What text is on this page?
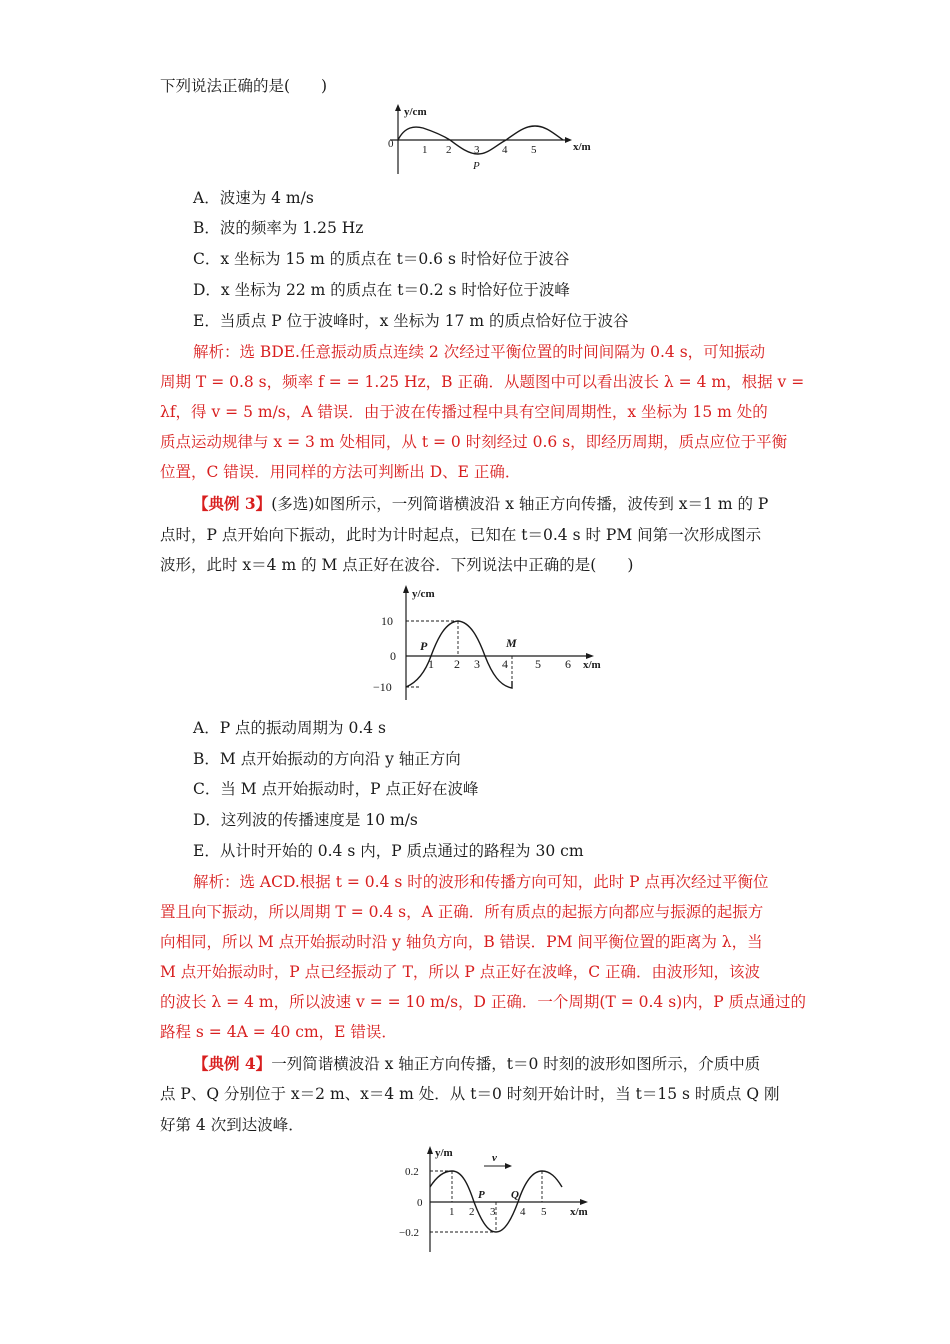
下列说法正确的是(　　)
y/cm
0	1 2 3 4 5	x/m
P
A．波速为 4 m/s
B．波的频率为 1.25 Hz
C．x 坐标为 15 m 的质点在 t＝0.6 s 时恰好位于波谷
D．x 坐标为 22 m 的质点在 t＝0.2 s 时恰好位于波峰
E．当质点 P 位于波峰时，x 坐标为 17 m 的质点恰好位于波谷
解析：选 BDE.任意振动质点连续 2 次经过平衡位置的时间间隔为 0.4 s，可知振动
周期 T = 0.8 s，频率 f = = 1.25 Hz，B 正确．从题图中可以看出波长 λ = 4 m，根据 v =
λf，得 v = 5 m/s，A 错误．由于波在传播过程中具有空间周期性，x 坐标为 15 m 处的
质点运动规律与 x = 3 m 处相同，从 t = 0 时刻经过 0.6 s，即经历周期，质点应位于平衡
位置，C 错误．用同样的方法可判断出 D、E 正确．
【典例 3】(多选)如图所示，一列简谐横波沿 x 轴正方向传播，波传到 x＝1 m 的 P
点时，P 点开始向下振动，此时为计时起点，已知在 t＝0.4 s 时 PM 间第一次形成图示
波形，此时 x＝4 m 的 M 点正好在波谷．下列说法中正确的是(　　)
y/cm
10
0
−10
1 2 3 4 5 6 x/m
P	M
A．P 点的振动周期为 0.4 s
B．M 点开始振动的方向沿 y 轴正方向
C．当 M 点开始振动时，P 点正好在波峰
D．这列波的传播速度是 10 m/s
E．从计时开始的 0.4 s 内，P 质点通过的路程为 30 cm
解析：选 ACD.根据 t = 0.4 s 时的波形和传播方向可知，此时 P 点再次经过平衡位
置且向下振动，所以周期 T = 0.4 s，A 正确．所有质点的起振方向都应与振源的起振方
向相同，所以 M 点开始振动时沿 y 轴负方向，B 错误．PM 间平衡位置的距离为 λ，当
M 点开始振动时，P 点已经振动了 T，所以 P 点正好在波峰，C 正确．由波形知，该波
的波长 λ = 4 m，所以波速 v = = 10 m/s，D 正确．一个周期(T = 0.4 s)内，P 质点通过的
路程 s = 4A = 40 cm，E 错误．
【典例 4】一列简谐横波沿 x 轴正方向传播，t＝0 时刻的波形如图所示，介质中质
点 P、Q 分别位于 x＝2 m、x＝4 m 处．从 t＝0 时刻开始计时，当 t＝15 s 时质点 Q 刚
好第 4 次到达波峰．
v
y/m
0.2
0
−0.2
1 2 3 4 5 x/m
P Q
